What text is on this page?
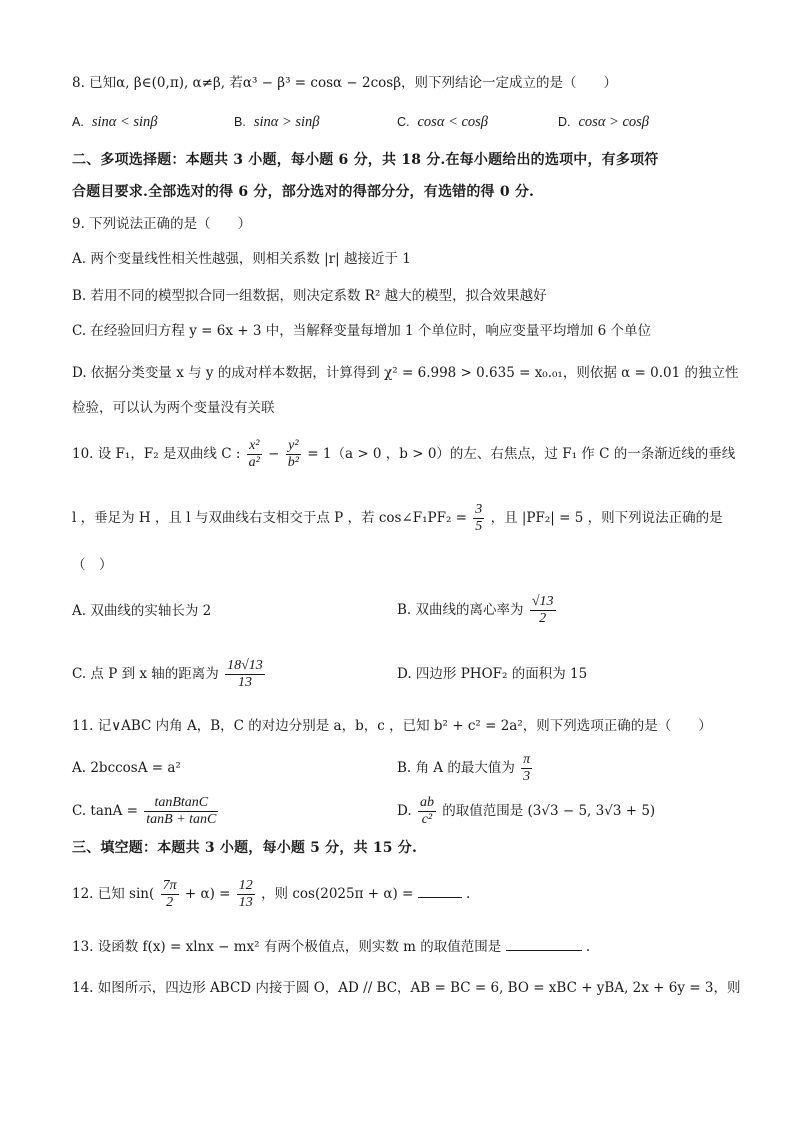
8. 已知α, β∈(0,π), α≠β, 若α³ − β³ = cosα − 2cosβ，则下列结论一定成立的是（　　）
A. sinα < sinβ	B. sinα > sinβ	C. cosα < cosβ	D. cosα > cosβ
二、多项选择题：本题共 3 小题，每小题 6 分，共 18 分.在每小题给出的选项中，有多项符
合题目要求.全部选对的得 6 分，部分选对的得部分分，有选错的得 0 分.
9. 下列说法正确的是（　　）
A. 两个变量线性相关性越强，则相关系数 |r| 越接近于 1
B. 若用不同的模型拟合同一组数据，则决定系数 R² 越大的模型，拟合效果越好
C. 在经验回归方程 y = 6x + 3 中，当解释变量每增加 1 个单位时，响应变量平均增加 6 个单位
D. 依据分类变量 x 与 y 的成对样本数据，计算得到 χ² = 6.998 > 0.635 = x₀.₀₁，则依据 α = 0.01 的独立性
检验，可以认为两个变量没有关联
10. 设 F₁，F₂ 是双曲线 C : $\frac{\text{x²}}{\text{a²}} - \frac{\text{y²}}{\text{b²}} = 1(a > 0$ ，b > 0）的左、右焦点，过 F₁ 作 C 的一条渐近线的垂线
l ，垂足为 H ，且 l 与双曲线右支相交于点 P ，若 cos∠F₁PF₂ = $\frac{3}{5}$ ，且 |PF₂| = 5 ，则下列说法正确的是
（　）
A. 双曲线的实轴长为 2	B. 双曲线的离心率为 $\frac{√13}{2}$
C. 点 P 到 x 轴的距离为 $\frac{18√13}{13}$	D. 四边形 PHOF₂ 的面积为 15
11. 记∨ABC 内角 A，B，C 的对边分别是 a，b，c ，已知 b² + c² = 2a²，则下列选项正确的是（　　）
A. 2bccosA = a²	B. 角 A 的最大值为 $\frac{\pi}{3}$
C. $\tan A = \frac{\text{tanBtanC}}{\tan B + \tan C}$	D. $\frac{ab}{\text{c²}}$ 的取值范围是 (3√3 − 5, 3√3 + 5)
三、填空题：本题共 3 小题，每小题 5 分，共 15 分.
12. 已知 $\sin( \frac{7\pi}{2} + \alpha) = \frac{12}{13}$ ，则 cos(2025π + α) =	.
13. 设函数 f(x) = xlnx − mx² 有两个极值点，则实数 m 的取值范围是	.
14. 如图所示，四边形 ABCD 内接于圆 O，AD // BC，AB = BC = 6, BO = xBC + yBA, 2x + 6y = 3，则
